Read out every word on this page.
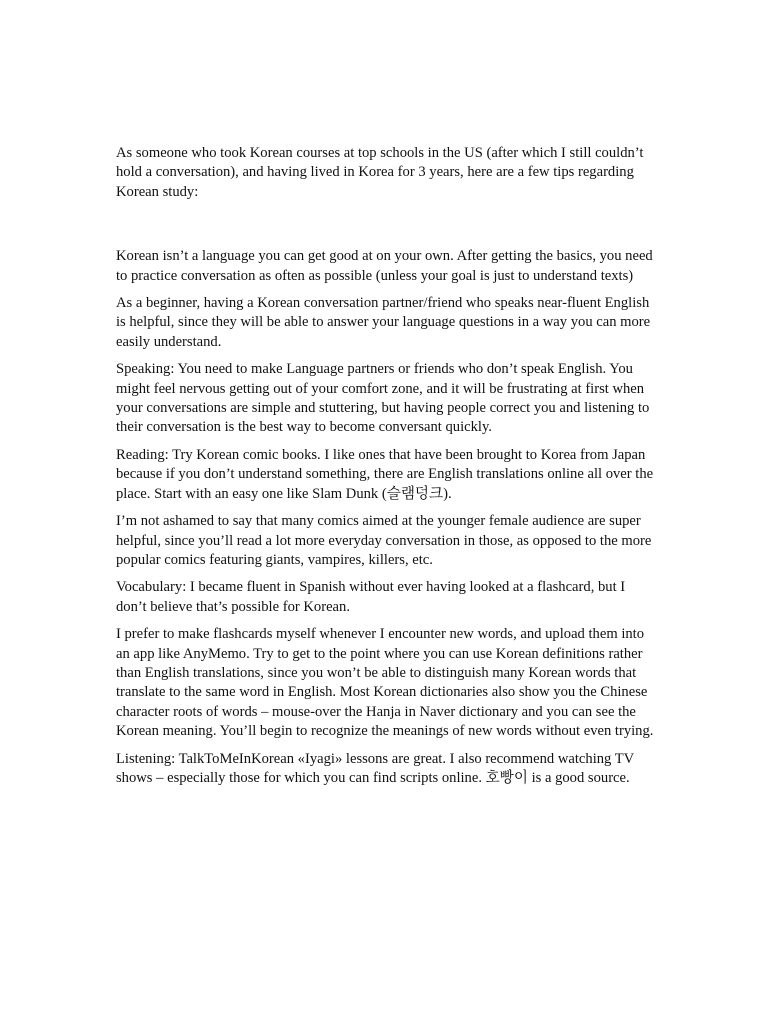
As someone who took Korean courses at top schools in the US (after which I still couldn’t hold a conversation), and having lived in Korea for 3 years, here are a few tips regarding Korean study:

Korean isn’t a language you can get good at on your own. After getting the basics, you need to practice conversation as often as possible (unless your goal is just to understand texts)

As a beginner, having a Korean conversation partner/friend who speaks near-fluent English is helpful, since they will be able to answer your language questions in a way you can more easily understand.

Speaking: You need to make Language partners or friends who don’t speak English. You might feel nervous getting out of your comfort zone, and it will be frustrating at first when your conversations are simple and stuttering, but having people correct you and listening to their conversation is the best way to become conversant quickly.

Reading: Try Korean comic books. I like ones that have been brought to Korea from Japan because if you don’t understand something, there are English translations online all over the place. Start with an easy one like Slam Dunk (슬램덩크).

I’m not ashamed to say that many comics aimed at the younger female audience are super helpful, since you’ll read a lot more everyday conversation in those, as opposed to the more popular comics featuring giants, vampires, killers, etc.

Vocabulary: I became fluent in Spanish without ever having looked at a flashcard, but I don’t believe that’s possible for Korean.

I prefer to make flashcards myself whenever I encounter new words, and upload them into an app like AnyMemo. Try to get to the point where you can use Korean definitions rather than English translations, since you won’t be able to distinguish many Korean words that translate to the same word in English. Most Korean dictionaries also show you the Chinese character roots of words – mouse-over the Hanja in Naver dictionary and you can see the Korean meaning. You’ll begin to recognize the meanings of new words without even trying.

Listening: TalkToMeInKorean «Iyagi» lessons are great. I also recommend watching TV shows – especially those for which you can find scripts online. 호빵이 is a good source.
